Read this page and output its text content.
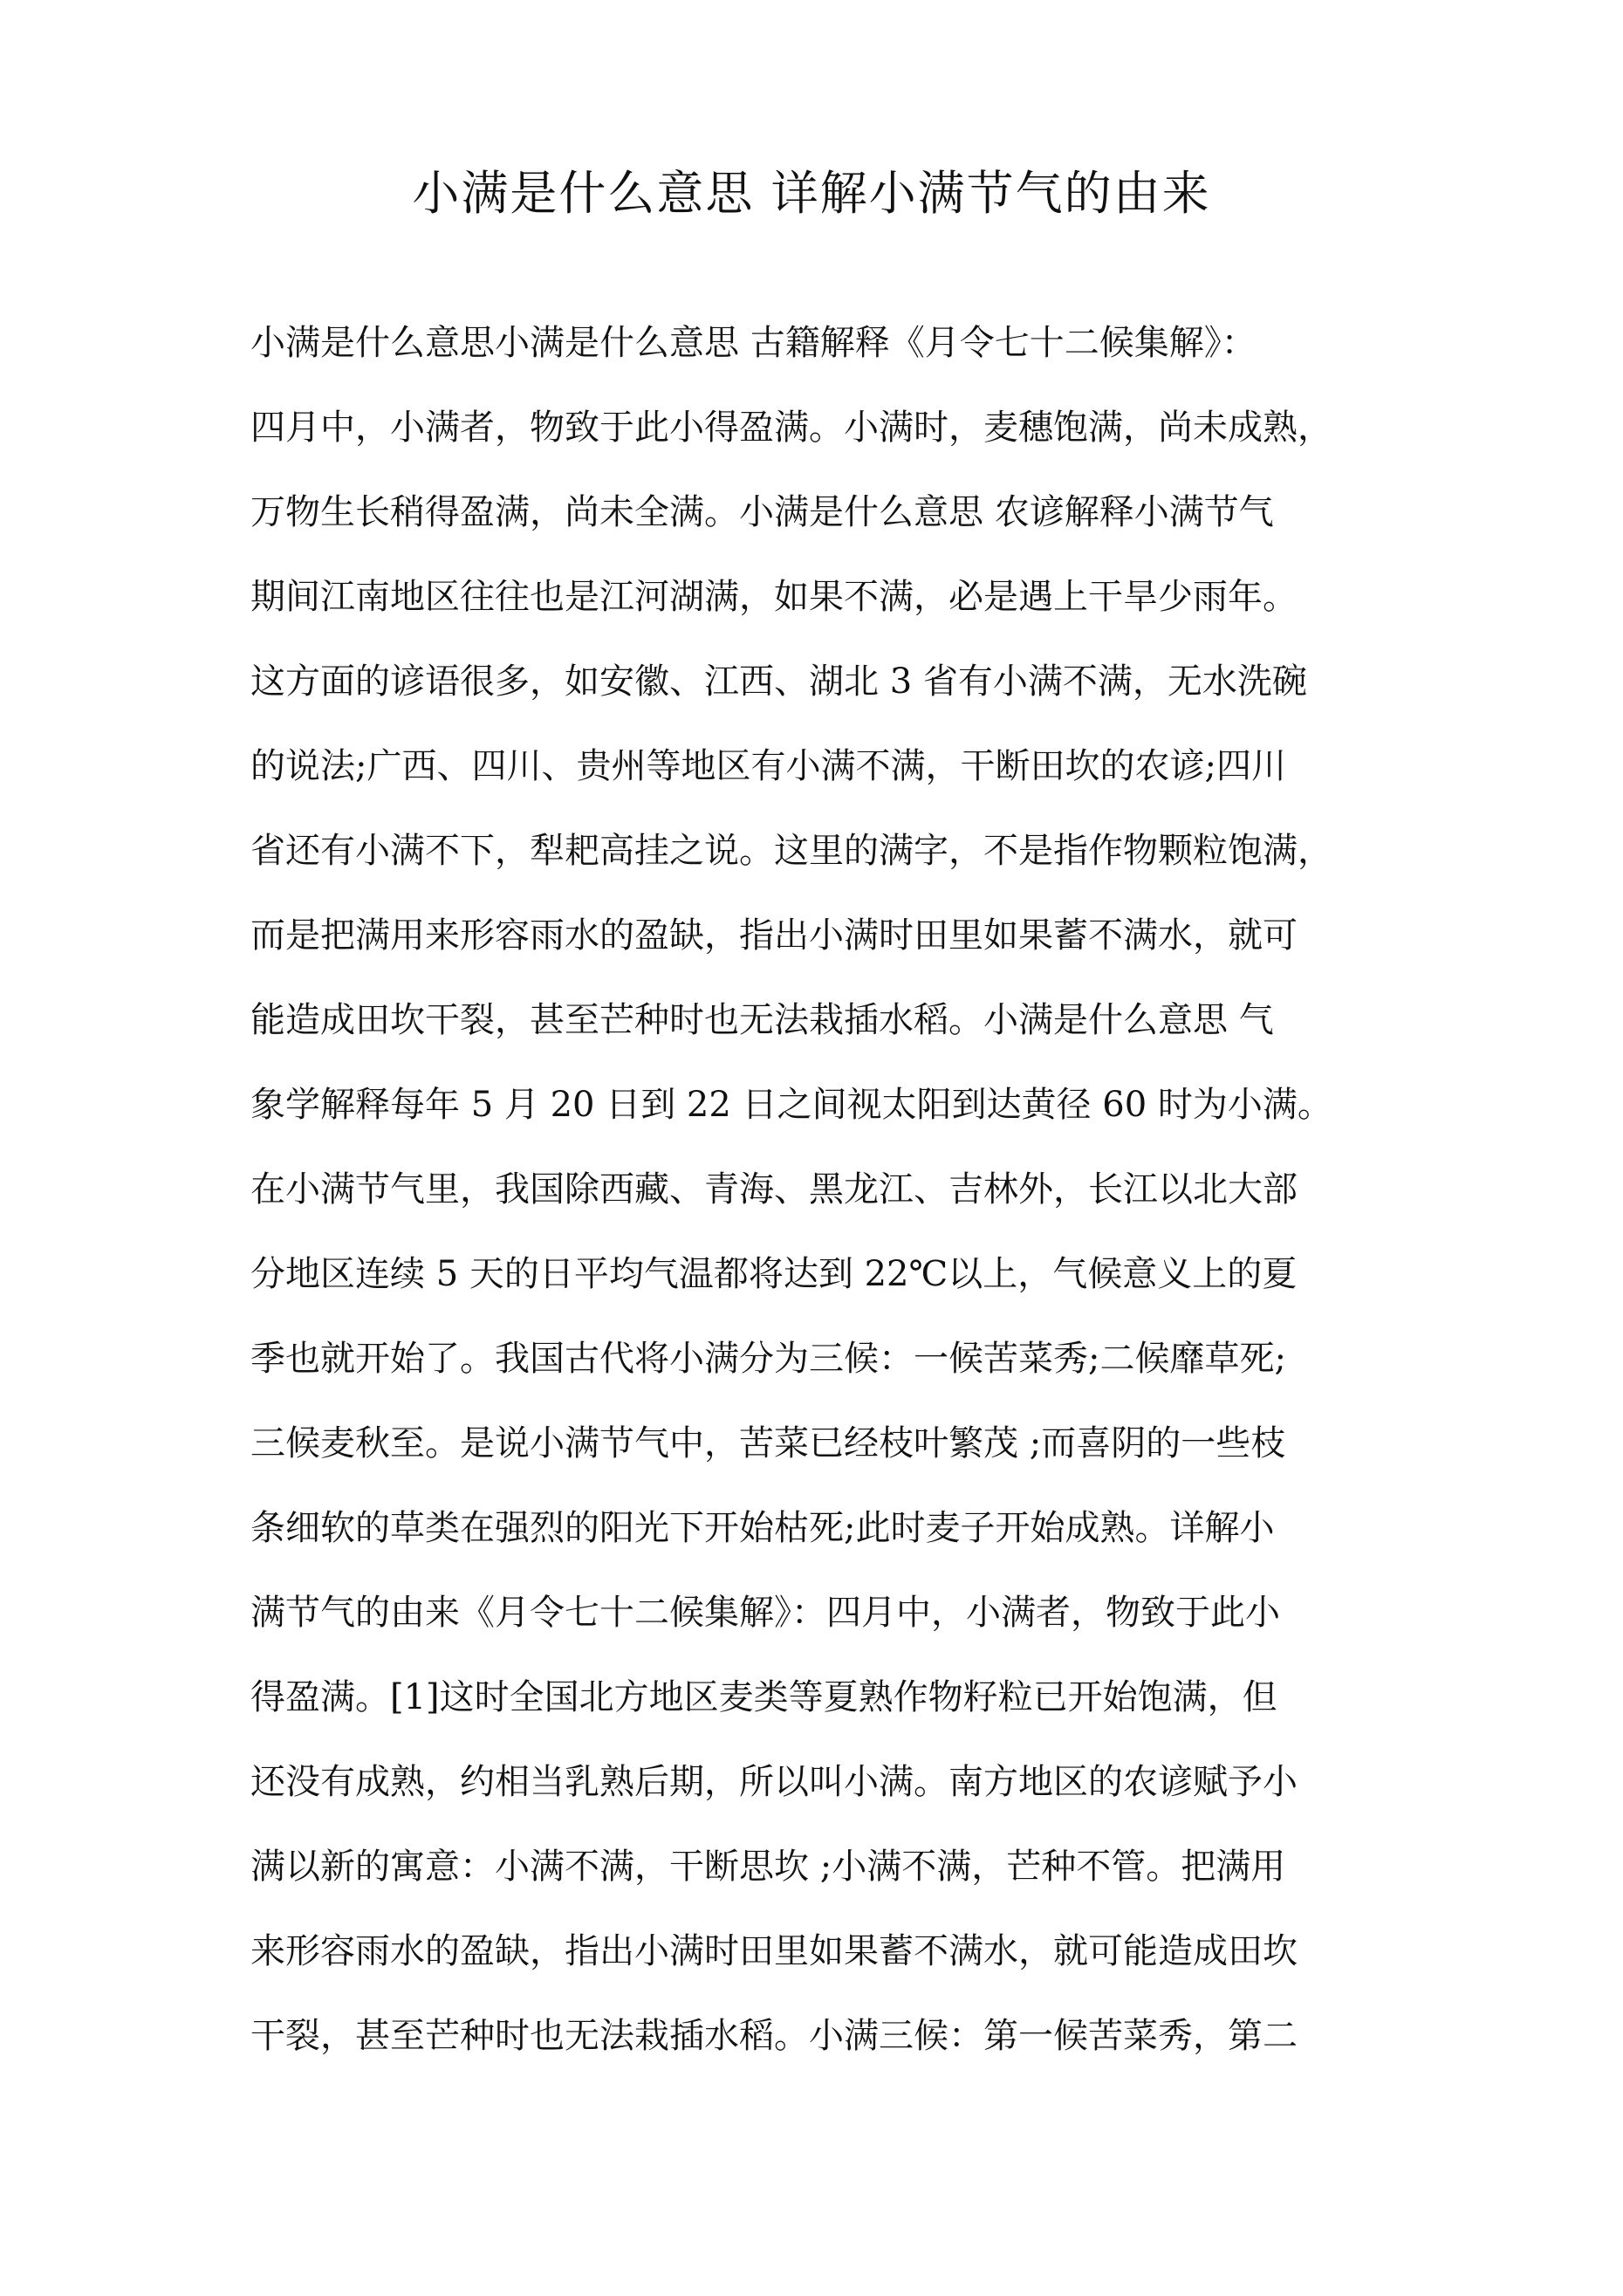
小满是什么意思 详解小满节气的由来
小满是什么意思小满是什么意思 古籍解释《月令七十二候集解》：
四月中，小满者，物致于此小得盈满。小满时，麦穗饱满，尚未成熟，
万物生长稍得盈满，尚未全满。小满是什么意思 农谚解释小满节气
期间江南地区往往也是江河湖满，如果不满，必是遇上干旱少雨年。
这方面的谚语很多，如安徽、江西、湖北 3 省有小满不满，无水洗碗
的说法;广西、四川、贵州等地区有小满不满，干断田坎的农谚;四川
省还有小满不下，犁耙高挂之说。这里的满字，不是指作物颗粒饱满，
而是把满用来形容雨水的盈缺，指出小满时田里如果蓄不满水，就可
能造成田坎干裂，甚至芒种时也无法栽插水稻。小满是什么意思 气
象学解释每年 5 月 20 日到 22 日之间视太阳到达黄径 60 时为小满。
在小满节气里，我国除西藏、青海、黑龙江、吉林外，长江以北大部
分地区连续 5 天的日平均气温都将达到 22℃以上，气候意义上的夏
季也就开始了。我国古代将小满分为三候：一候苦菜秀;二候靡草死;
三候麦秋至。是说小满节气中，苦菜已经枝叶繁茂 ;而喜阴的一些枝
条细软的草类在强烈的阳光下开始枯死;此时麦子开始成熟。详解小
满节气的由来《月令七十二候集解》：四月中，小满者，物致于此小
得盈满。[1]这时全国北方地区麦类等夏熟作物籽粒已开始饱满，但
还没有成熟，约相当乳熟后期，所以叫小满。南方地区的农谚赋予小
满以新的寓意：小满不满，干断思坎 ;小满不满，芒种不管。把满用
来形容雨水的盈缺，指出小满时田里如果蓄不满水，就可能造成田坎
干裂，甚至芒种时也无法栽插水稻。小满三候：第一候苦菜秀，第二
